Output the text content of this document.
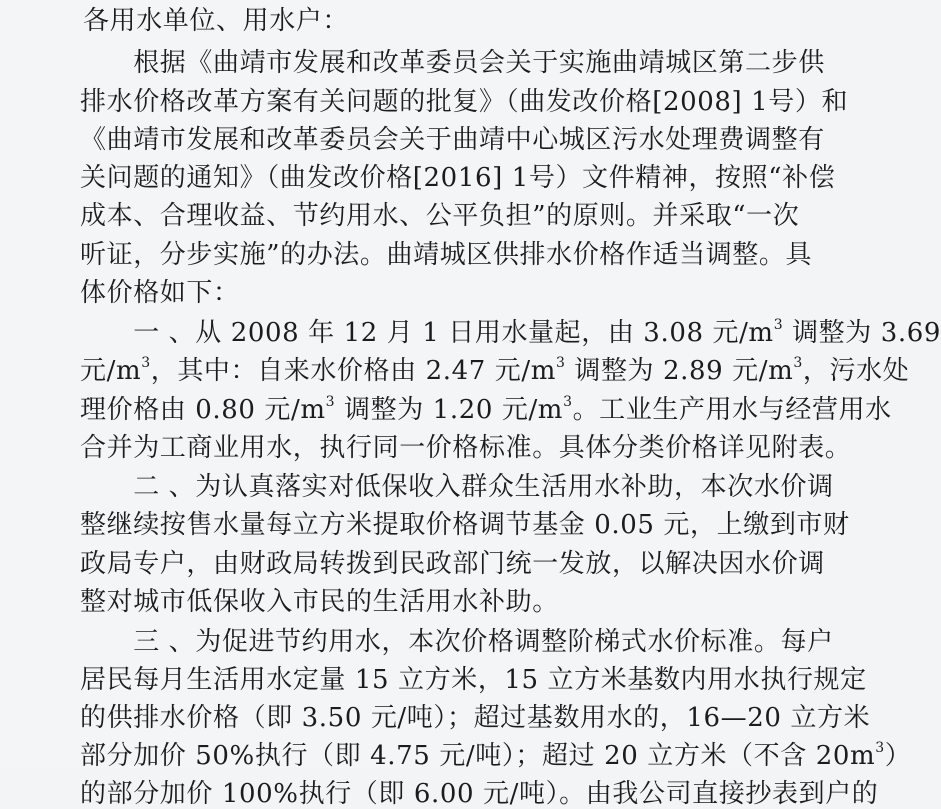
各用水单位、用水户：
　　根据《曲靖市发展和改革委员会关于实施曲靖城区第二步供
排水价格改革方案有关问题的批复》（曲发改价格[2008] 1号）和
《曲靖市发展和改革委员会关于曲靖中心城区污水处理费调整有
关问题的通知》（曲发改价格[2016] 1号）文件精神，按照“补偿
成本、合理收益、节约用水、公平负担”的原则。并采取“一次
听证，分步实施”的办法。曲靖城区供排水价格作适当调整。具
体价格如下：
　　一 、从 2008 年 12 月 1 日用水量起，由 3.08 元$/m^3$ 调整为 3.69
元$/m^3$，其中：自来水价格由 2.47 元$/m^3$ 调整为 2.89 元$/m^3$，污水处
理价格由 0.80 元$/m^3$ 调整为 1.20 元$/m^3$。工业生产用水与经营用水
合并为工商业用水，执行同一价格标准。具体分类价格详见附表。
　　二 、为认真落实对低保收入群众生活用水补助，本次水价调
整继续按售水量每立方米提取价格调节基金 0.05 元，上缴到市财
政局专户，由财政局转拨到民政部门统一发放，以解决因水价调
整对城市低保收入市民的生活用水补助。
　　三 、为促进节约用水，本次价格调整阶梯式水价标准。每户
居民每月生活用水定量 15 立方米，15 立方米基数内用水执行规定
的供排水价格（即 3.50 元/吨）；超过基数用水的，16—20 立方米
部分加价 50%执行（即 4.75 元/吨）；超过 20 立方米（不含 $20m^3$）
的部分加价 100%执行（即 6.00 元/吨）。由我公司直接抄表到户的
